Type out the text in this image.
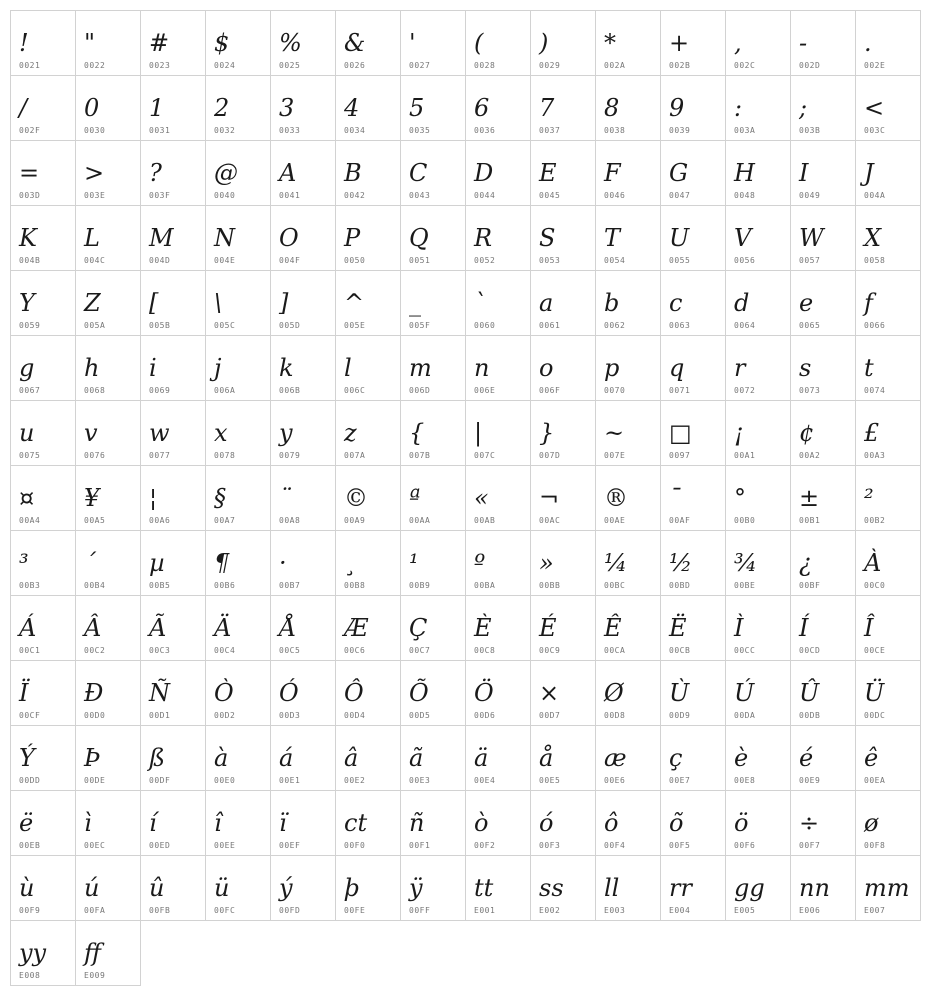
!
0021
"
0022
#
0023
$
0024
%
0025
&
0026
'
0027
(
0028
)
0029
*
002A
+
002B
,
002C
-
002D
.
002E
/
002F
0
0030
1
0031
2
0032
3
0033
4
0034
5
0035
6
0036
7
0037
8
0038
9
0039
:
003A
;
003B
<
003C
=
003D
>
003E
?
003F
@
0040
A
0041
B
0042
C
0043
D
0044
E
0045
F
0046
G
0047
H
0048
I
0049
J
004A
K
004B
L
004C
M
004D
N
004E
O
004F
P
0050
Q
0051
R
0052
S
0053
T
0054
U
0055
V
0056
W
0057
X
0058
Y
0059
Z
005A
[
005B
\
005C
]
005D
^
005E
_
005F
`
0060
a
0061
b
0062
c
0063
d
0064
e
0065
f
0066
g
0067
h
0068
i
0069
j
006A
k
006B
l
006C
m
006D
n
006E
o
006F
p
0070
q
0071
r
0072
s
0073
t
0074
u
0075
v
0076
w
0077
x
0078
y
0079
z
007A
{
007B
|
007C
}
007D
~
007E
□
0097
¡
00A1
¢
00A2
£
00A3
¤
00A4
¥
00A5
¦
00A6
§
00A7
¨
00A8
©
00A9
ª
00AA
«
00AB
¬
00AC
®
00AE
¯
00AF
°
00B0
±
00B1
²
00B2
³
00B3
´
00B4
µ
00B5
¶
00B6
·
00B7
¸
00B8
¹
00B9
º
00BA
»
00BB
¼
00BC
½
00BD
¾
00BE
¿
00BF
À
00C0
Á
00C1
Â
00C2
Ã
00C3
Ä
00C4
Å
00C5
Æ
00C6
Ç
00C7
È
00C8
É
00C9
Ê
00CA
Ë
00CB
Ì
00CC
Í
00CD
Î
00CE
Ï
00CF
Ð
00D0
Ñ
00D1
Ò
00D2
Ó
00D3
Ô
00D4
Õ
00D5
Ö
00D6
×
00D7
Ø
00D8
Ù
00D9
Ú
00DA
Û
00DB
Ü
00DC
Ý
00DD
Þ
00DE
ß
00DF
à
00E0
á
00E1
â
00E2
ã
00E3
ä
00E4
å
00E5
æ
00E6
ç
00E7
è
00E8
é
00E9
ê
00EA
ë
00EB
ì
00EC
í
00ED
î
00EE
ï
00EF
ct
00F0
ñ
00F1
ò
00F2
ó
00F3
ô
00F4
õ
00F5
ö
00F6
÷
00F7
ø
00F8
ù
00F9
ú
00FA
û
00FB
ü
00FC
ý
00FD
þ
00FE
ÿ
00FF
tt
E001
ss
E002
ll
E003
rr
E004
gg
E005
nn
E006
mm
E007
yy
E008
ff
E009
